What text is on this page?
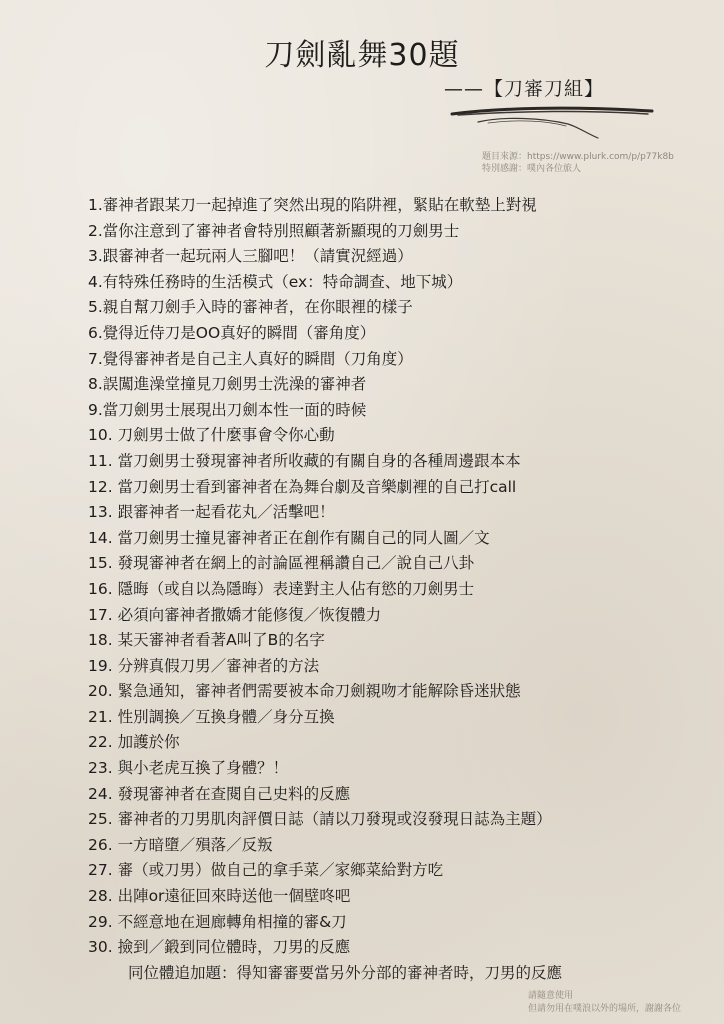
刀劍亂舞30題
——【刀審刀組】
題目來源：https://www.plurk.com/p/p77k8b
特別感謝：噗內各位旅人
1.審神者跟某刀一起掉進了突然出現的陷阱裡，緊貼在軟墊上對視
2.當你注意到了審神者會特別照顧著新顯現的刀劍男士
3.跟審神者一起玩兩人三腳吧！（請實況經過）
4.有特殊任務時的生活模式（ex：特命調查、地下城）
5.親自幫刀劍手入時的審神者，在你眼裡的樣子
6.覺得近侍刀是OO真好的瞬間（審角度）
7.覺得審神者是自己主人真好的瞬間（刀角度）
8.誤闖進澡堂撞見刀劍男士洗澡的審神者
9.當刀劍男士展現出刀劍本性一面的時候
10. 刀劍男士做了什麼事會令你心動
11. 當刀劍男士發現審神者所收藏的有關自身的各種周邊跟本本
12. 當刀劍男士看到審神者在為舞台劇及音樂劇裡的自己打call
13. 跟審神者一起看花丸／活擊吧！
14. 當刀劍男士撞見審神者正在創作有關自己的同人圖／文
15. 發現審神者在網上的討論區裡稱讚自己／說自己八卦
16. 隱晦（或自以為隱晦）表達對主人佔有慾的刀劍男士
17. 必須向審神者撒嬌才能修復／恢復體力
18. 某天審神者看著A叫了B的名字
19. 分辨真假刀男／審神者的方法
20. 緊急通知，審神者們需要被本命刀劍親吻才能解除昏迷狀態
21. 性別調換／互換身體／身分互換
22. 加護於你
23. 與小老虎互換了身體？！
24. 發現審神者在查閱自己史料的反應
25. 審神者的刀男肌肉評價日誌（請以刀發現或沒發現日誌為主題）
26. 一方暗墮／殞落／反叛
27. 審（或刀男）做自己的拿手菜／家鄉菜給對方吃
28. 出陣or遠征回來時送他一個壁咚吧
29. 不經意地在迴廊轉角相撞的審&刀
30. 撿到／鍛到同位體時，刀男的反應
同位體追加題：得知審審要當另外分部的審神者時，刀男的反應
請隨意使用
但請勿用在噗浪以外的場所，謝謝各位
